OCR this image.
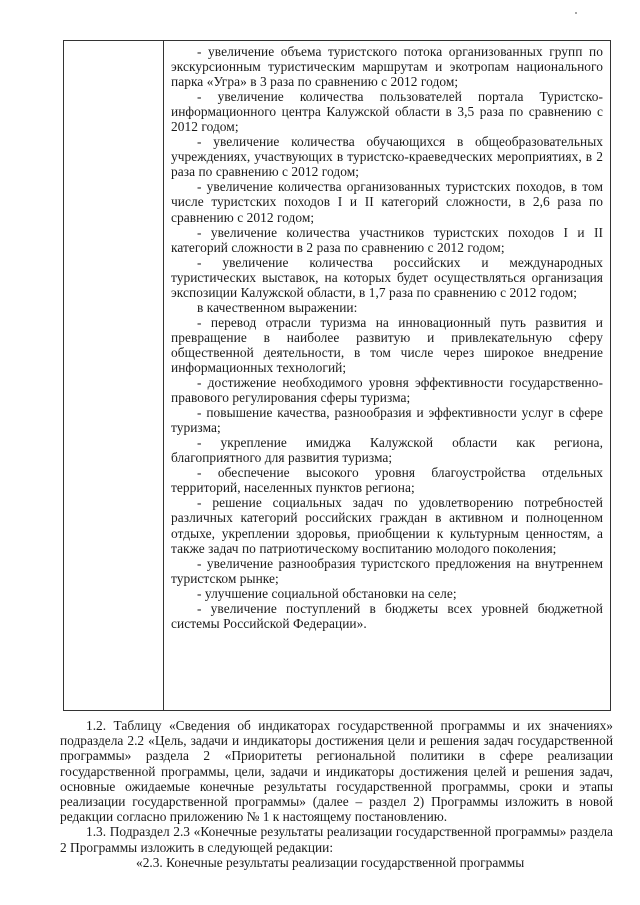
- увеличение объема туристского потока организованных групп по экскурсионным туристическим маршрутам и экотропам национального парка «Угра» в 3 раза по сравнению с 2012 годом;

- увеличение количества пользователей портала Туристско-информационного центра Калужской области в 3,5 раза по сравнению с 2012 годом;

- увеличение количества обучающихся в общеобразовательных учреждениях, участвующих в туристско-краеведческих мероприятиях, в 2 раза по сравнению с 2012 годом;

- увеличение количества организованных туристских походов, в том числе туристских походов I и II категорий сложности, в 2,6 раза по сравнению с 2012 годом;

- увеличение количества участников туристских походов I и II категорий сложности в 2 раза по сравнению с 2012 годом;

- увеличение количества российских и международных туристических выставок, на которых будет осуществляться организация экспозиции Калужской области, в 1,7 раза по сравнению с 2012 годом;

в качественном выражении:

- перевод отрасли туризма на инновационный путь развития и превращение в наиболее развитую и привлекательную сферу общественной деятельности, в том числе через широкое внедрение информационных технологий;

- достижение необходимого уровня эффективности государственно-правового регулирования сферы туризма;

- повышение качества, разнообразия и эффективности услуг в сфере туризма;

- укрепление имиджа Калужской области как региона, благоприятного для развития туризма;

- обеспечение высокого уровня благоустройства отдельных территорий, населенных пунктов региона;

- решение социальных задач по удовлетворению потребностей различных категорий российских граждан в активном и полноценном отдыхе, укреплении здоровья, приобщении к культурным ценностям, а также задач по патриотическому воспитанию молодого поколения;

- увеличение разнообразия туристского предложения на внутреннем туристском рынке;

- улучшение социальной обстановки на селе;

- увеличение поступлений в бюджеты всех уровней бюджетной системы Российской Федерации».

1.2. Таблицу «Сведения об индикаторах государственной программы и их значениях» подраздела 2.2 «Цель, задачи и индикаторы достижения цели и решения задач государственной программы» раздела 2 «Приоритеты региональной политики в сфере реализации государственной программы, цели, задачи и индикаторы достижения целей и решения задач, основные ожидаемые конечные результаты государственной программы, сроки и этапы реализации государственной программы» (далее – раздел 2) Программы изложить в новой редакции согласно приложению № 1 к настоящему постановлению.

1.3. Подраздел 2.3 «Конечные результаты реализации государственной программы» раздела 2 Программы изложить в следующей редакции:

«2.3. Конечные результаты реализации государственной программы
